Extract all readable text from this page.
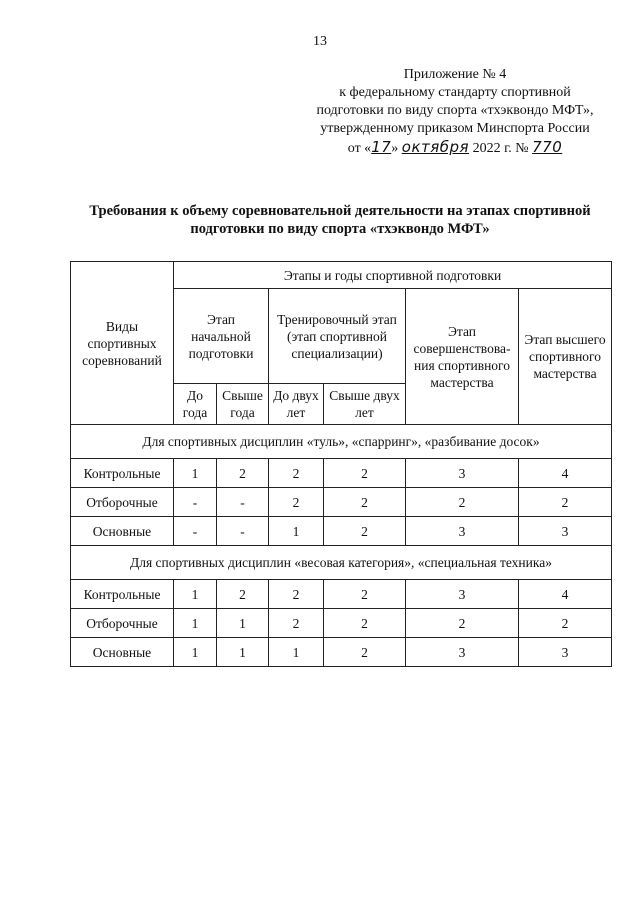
13
Приложение № 4
к федеральному стандарту спортивной
подготовки по виду спорта «тхэквондо МФТ»,
утвержденному приказом Минспорта России
от «17» октября 2022 г. № 770
Требования к объему соревновательной деятельности на этапах спортивной
подготовки по виду спорта «тхэквондо МФТ»
Виды спортивных соревнований	Этапы и годы спортивной подготовки					
	Этап начальной подготовки		Тренировочный этап (этап спортивной специализации)		Этап совершенствова-ния спортивного мастерства	Этап высшего спортивного мастерства
	До года	Свыше года	До двух лет	Свыше двух лет		
Для спортивных дисциплин «туль», «спарринг», «разбивание досок»						
Контрольные	1	2	2	2	3	4
Отборочные	-	-	2	2	2	2
Основные	-	-	1	2	3	3
Для спортивных дисциплин «весовая категория», «специальная техника»						
Контрольные	1	2	2	2	3	4
Отборочные	1	1	2	2	2	2
Основные	1	1	1	2	3	3
